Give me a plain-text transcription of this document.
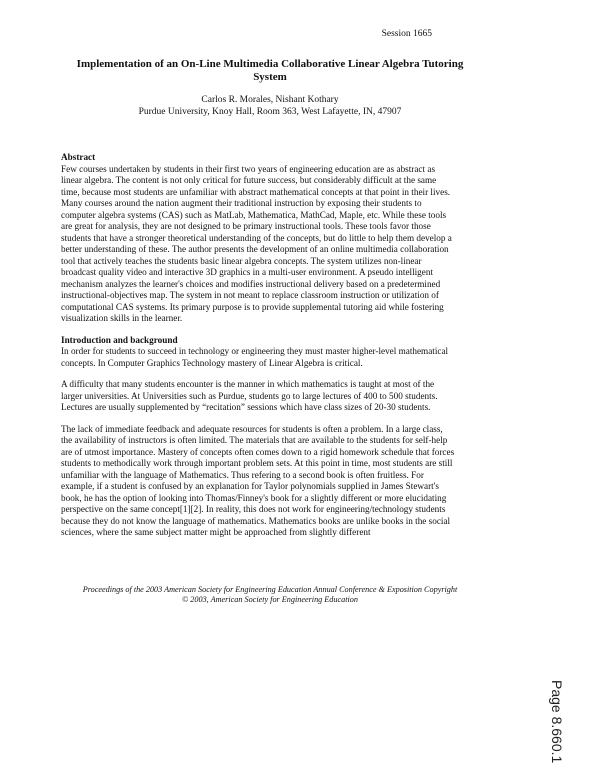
Session 1665
Implementation of an On-Line Multimedia Collaborative Linear Algebra Tutoring System
Carlos R. Morales, Nishant Kothary
Purdue University, Knoy Hall, Room 363, West Lafayette, IN, 47907

Abstract

Few courses undertaken by students in their first two years of engineering education are as abstract as linear algebra. The content is not only critical for future success, but considerably difficult at the same time, because most students are unfamiliar with abstract mathematical concepts at that point in their lives. Many courses around the nation augment their traditional instruction by exposing their students to computer algebra systems (CAS) such as MatLab, Mathematica, MathCad, Maple, etc. While these tools are great for analysis, they are not designed to be primary instructional tools. These tools favor those students that have a stronger theoretical understanding of the concepts, but do little to help them develop a better understanding of these. The author presents the development of an online multimedia collaboration tool that actively teaches the students basic linear algebra concepts. The system utilizes non-linear broadcast quality video and interactive 3D graphics in a multi-user environment. A pseudo intelligent mechanism analyzes the learner's choices and modifies instructional delivery based on a predetermined instructional-objectives map. The system in not meant to replace classroom instruction or utilization of computational CAS systems. Its primary purpose is to provide supplemental tutoring aid while fostering visualization skills in the learner.

Introduction and background

In order for students to succeed in technology or engineering they must master higher-level mathematical concepts. In Computer Graphics Technology mastery of Linear Algebra is critical.

A difficulty that many students encounter is the manner in which mathematics is taught at most of the larger universities. At Universities such as Purdue, students go to large lectures of 400 to 500 students. Lectures are usually supplemented by “recitation” sessions which have class sizes of 20-30 students.

The lack of immediate feedback and adequate resources for students is often a problem. In a large class, the availability of instructors is often limited. The materials that are available to the students for self-help are of utmost importance. Mastery of concepts often comes down to a rigid homework schedule that forces students to methodically work through important problem sets. At this point in time, most students are still unfamiliar with the language of Mathematics. Thus refering to a second book is often fruitless. For example, if a student is confused by an explanation for Taylor polynomials supplied in James Stewart's book, he has the option of looking into Thomas/Finney's book for a slightly different or more elucidating perspective on the same concept[1][2]. In reality, this does not work for engineering/technology students because they do not know the language of mathematics. Mathematics books are unlike books in the social sciences, where the same subject matter might be approached from slightly different

Proceedings of the 2003 American Society for Engineering Education Annual Conference & Exposition Copyright
© 2003, American Society for Engineering Education
Page 8.660.1
